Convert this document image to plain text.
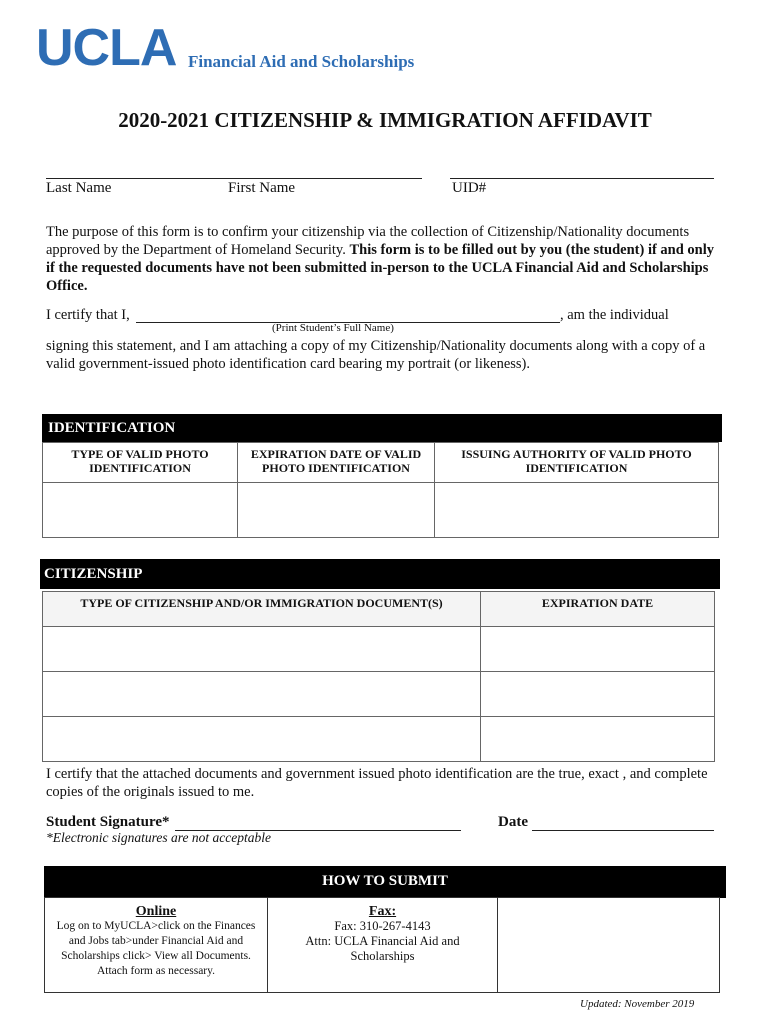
UCLA Financial Aid and Scholarships
2020-2021 CITIZENSHIP & IMMIGRATION AFFIDAVIT
Last Name	First Name	UID#
The purpose of this form is to confirm your citizenship via the collection of Citizenship/Nationality documents approved by the Department of Homeland Security. This form is to be filled out by you (the student) if and only if the requested documents have not been submitted in-person to the UCLA Financial Aid and Scholarships Office.
I certify that I,	, am the individual
(Print Student’s Full Name)
signing this statement, and I am attaching a copy of my Citizenship/Nationality documents along with a copy of a valid government-issued photo identification card bearing my portrait (or likeness).
IDENTIFICATION
TYPE OF VALID PHOTO IDENTIFICATION	EXPIRATION DATE OF VALID PHOTO IDENTIFICATION	ISSUING AUTHORITY OF VALID PHOTO IDENTIFICATION

CITIZENSHIP
TYPE OF CITIZENSHIP AND/OR IMMIGRATION DOCUMENT(S)	EXPIRATION DATE

I certify that the attached documents and government issued photo identification are the true, exact , and complete copies of the originals issued to me.
Student Signature*	Date
*Electronic signatures are not acceptable
HOW TO SUBMIT
Online
Log on to MyUCLA>click on the Finances
and Jobs tab>under Financial Aid and
Scholarships click> View all Documents.
Attach form as necessary.
Fax:
Fax: 310-267-4143
Attn: UCLA Financial Aid and
Scholarships
Updated: November 2019
